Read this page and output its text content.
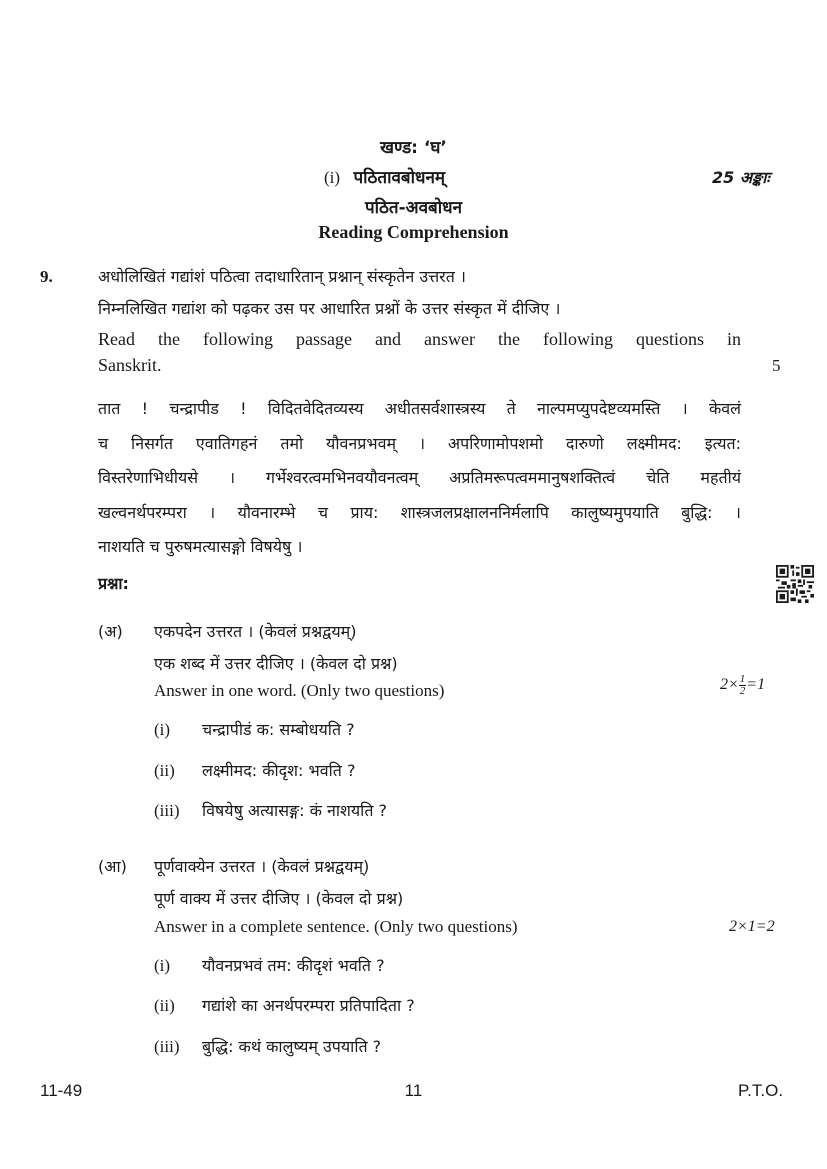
खण्ड: ‘घ’
(i) पठितावबोधनम्	25 अङ्काः
पठित-अवबोधन
Reading Comprehension
9.	अधोलिखितं गद्यांशं पठित्वा तदाधारितान् प्रश्नान् संस्कृतेन उत्तरत ।
निम्नलिखित गद्यांश को पढ़कर उस पर आधारित प्रश्नों के उत्तर संस्कृत में दीजिए ।
Read the following passage and answer the following questions in
Sanskrit.	5
तात ! चन्द्रापीड ! विदितवेदितव्यस्य अधीतसर्वशास्त्रस्य ते नाल्पमप्युपदेष्टव्यमस्ति । केवलं
च निसर्गत एवातिगहनं तमो यौवनप्रभवम् । अपरिणामोपशमो दारुणो लक्ष्मीमद: इत्यत:
विस्तरेणाभिधीयसे । गर्भेश्वरत्वमभिनवयौवनत्वम् अप्रतिमरूपत्वममानुषशक्तित्वं चेति महतीयं
खल्वनर्थपरम्परा । यौवनारम्भे च प्राय: शास्त्रजलप्रक्षालननिर्मलापि कालुष्यमुपयाति बुद्धि: ।
नाशयति च पुरुषमत्यासङ्गो विषयेषु ।
प्रश्ना:
(अ) एकपदेन उत्तरत । (केवलं प्रश्नद्वयम्)
एक शब्द में उत्तर दीजिए । (केवल दो प्रश्न)
Answer in one word. (Only two questions)	$2\times \frac{1}{2} =1$
(i) चन्द्रापीडं क: सम्बोधयति ?
(ii) लक्ष्मीमद: कीदृश: भवति ?
(iii) विषयेषु अत्यासङ्ग: कं नाशयति ?
(आ) पूर्णवाक्येन उत्तरत । (केवलं प्रश्नद्वयम्)
पूर्ण वाक्य में उत्तर दीजिए । (केवल दो प्रश्न)
Answer in a complete sentence. (Only two questions)	2×1=2
(i) यौवनप्रभवं तम: कीदृशं भवति ?
(ii) गद्यांशे का अनर्थपरम्परा प्रतिपादिता ?
(iii) बुद्धि: कथं कालुष्यम् उपयाति ?
11-49	11	P.T.O.
